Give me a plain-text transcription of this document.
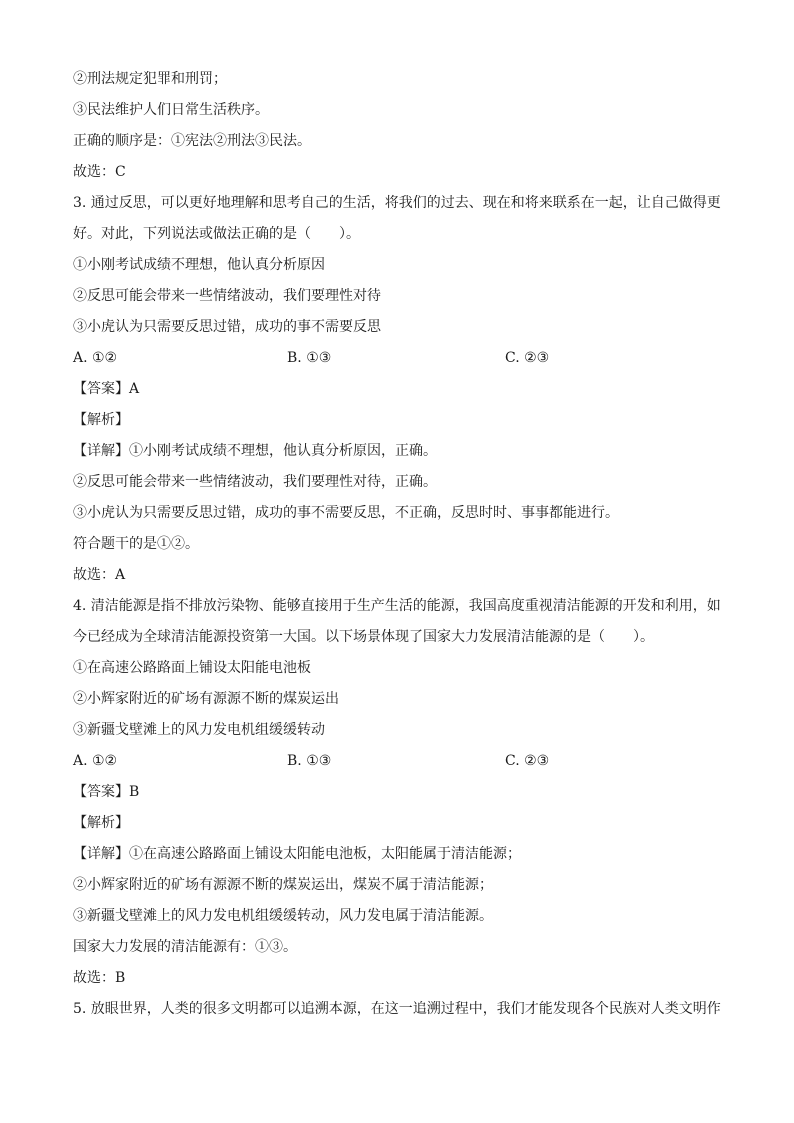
②刑法规定犯罪和刑罚；
③民法维护人们日常生活秩序。
正确的顺序是：①宪法②刑法③民法。
故选：C
3. 通过反思，可以更好地理解和思考自己的生活，将我们的过去、现在和将来联系在一起，让自己做得更好。对此，下列说法或做法正确的是（　　）。
①小刚考试成绩不理想，他认真分析原因
②反思可能会带来一些情绪波动，我们要理性对待
③小虎认为只需要反思过错，成功的事不需要反思
A. ①②	B. ①③	C. ②③
【答案】A
【解析】
【详解】①小刚考试成绩不理想，他认真分析原因，正确。
②反思可能会带来一些情绪波动，我们要理性对待，正确。
③小虎认为只需要反思过错，成功的事不需要反思，不正确，反思时时、事事都能进行。
符合题干的是①②。
故选：A
4. 清洁能源是指不排放污染物、能够直接用于生产生活的能源，我国高度重视清洁能源的开发和利用，如今已经成为全球清洁能源投资第一大国。以下场景体现了国家大力发展清洁能源的是（　　）。
①在高速公路路面上铺设太阳能电池板
②小辉家附近的矿场有源源不断的煤炭运出
③新疆戈壁滩上的风力发电机组缓缓转动
A. ①②	B. ①③	C. ②③
【答案】B
【解析】
【详解】①在高速公路路面上铺设太阳能电池板，太阳能属于清洁能源；
②小辉家附近的矿场有源源不断的煤炭运出，煤炭不属于清洁能源；
③新疆戈壁滩上的风力发电机组缓缓转动，风力发电属于清洁能源。
国家大力发展的清洁能源有：①③。
故选：B
5. 放眼世界，人类的很多文明都可以追溯本源，在这一追溯过程中，我们才能发现各个民族对人类文明作
